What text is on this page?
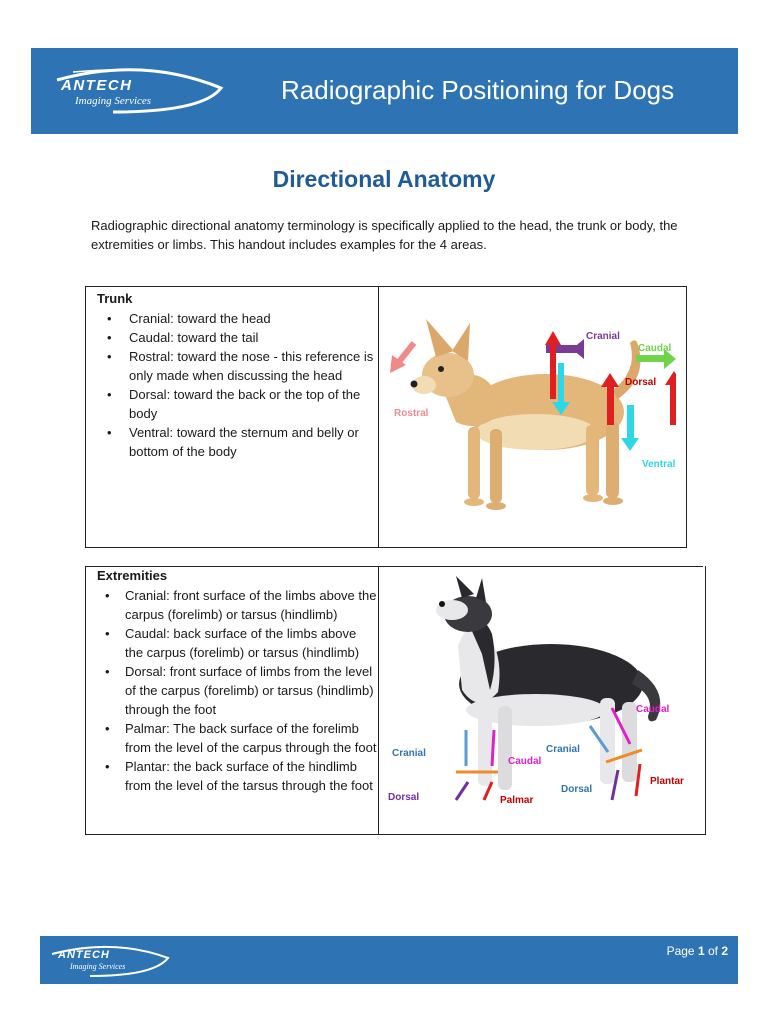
ANTECH
Imaging Services	Radiographic Positioning for Dogs
Directional Anatomy
Radiographic directional anatomy terminology is specifically applied to the head, the trunk or body, the extremities or limbs. This handout includes examples for the 4 areas.
Trunk
• Cranial: toward the head
• Caudal: toward the tail
• Rostral: toward the nose - this reference is only made when discussing the head
• Dorsal: toward the back or the top of the body
• Ventral: toward the sternum and belly or bottom of the body
Rostral
Cranial
Caudal
Dorsal
Ventral
Extremities
• Cranial: front surface of the limbs above the carpus (forelimb) or tarsus (hindlimb)
• Caudal: back surface of the limbs above the carpus (forelimb) or tarsus (hindlimb)
• Dorsal: front surface of limbs from the level of the carpus (forelimb) or tarsus (hindlimb) through the foot
• Palmar: The back surface of the forelimb from the level of the carpus through the foot
• Plantar: the back surface of the hindlimb from the level of the tarsus through the foot
Cranial
Caudal
Dorsal	Palmar
Caudal
Cranial
Dorsal
Plantar
ANTECH
Imaging Services
Page 1 of 2
